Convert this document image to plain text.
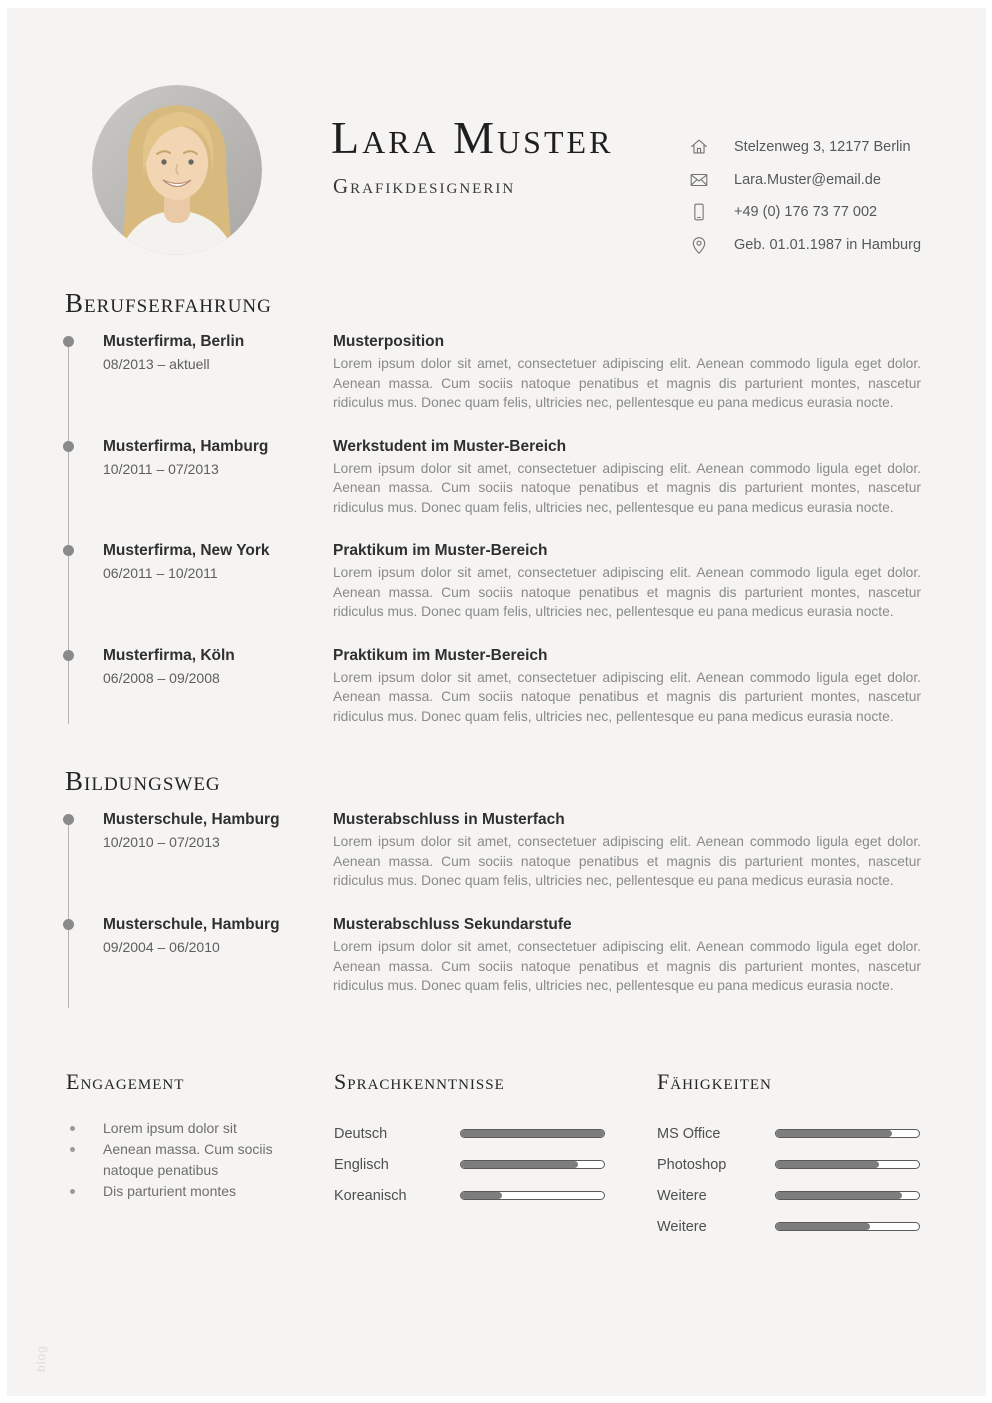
Lara Muster
Grafikdesignerin
Stelzenweg 3, 12177 Berlin
Lara.Muster@email.de
+49 (0) 176 73 77 002
Geb. 01.01.1987 in Hamburg
Berufserfahrung
Musterfirma, Berlin
08/2013 – aktuell
Musterposition
Lorem ipsum dolor sit amet, consectetuer adipiscing elit. Aenean commodo ligula eget dolor. Aenean massa. Cum sociis natoque penatibus et magnis dis parturient montes, nascetur ridiculus mus. Donec quam felis, ultricies nec, pellentesque eu pana medicus eurasia nocte.
Musterfirma, Hamburg
10/2011 – 07/2013
Werkstudent im Muster-Bereich
Lorem ipsum dolor sit amet, consectetuer adipiscing elit. Aenean commodo ligula eget dolor. Aenean massa. Cum sociis natoque penatibus et magnis dis parturient montes, nascetur ridiculus mus. Donec quam felis, ultricies nec, pellentesque eu pana medicus eurasia nocte.
Musterfirma, New York
06/2011 – 10/2011
Praktikum im Muster-Bereich
Lorem ipsum dolor sit amet, consectetuer adipiscing elit. Aenean commodo ligula eget dolor. Aenean massa. Cum sociis natoque penatibus et magnis dis parturient montes, nascetur ridiculus mus. Donec quam felis, ultricies nec, pellentesque eu pana medicus eurasia nocte.
Musterfirma, Köln
06/2008 – 09/2008
Praktikum im Muster-Bereich
Lorem ipsum dolor sit amet, consectetuer adipiscing elit. Aenean commodo ligula eget dolor. Aenean massa. Cum sociis natoque penatibus et magnis dis parturient montes, nascetur ridiculus mus. Donec quam felis, ultricies nec, pellentesque eu pana medicus eurasia nocte.
Bildungsweg
Musterschule, Hamburg
10/2010 – 07/2013
Musterabschluss in Musterfach
Lorem ipsum dolor sit amet, consectetuer adipiscing elit. Aenean commodo ligula eget dolor. Aenean massa. Cum sociis natoque penatibus et magnis dis parturient montes, nascetur ridiculus mus. Donec quam felis, ultricies nec, pellentesque eu pana medicus eurasia nocte.
Musterschule, Hamburg
09/2004 – 06/2010
Musterabschluss Sekundarstufe
Lorem ipsum dolor sit amet, consectetuer adipiscing elit. Aenean commodo ligula eget dolor. Aenean massa. Cum sociis natoque penatibus et magnis dis parturient montes, nascetur ridiculus mus. Donec quam felis, ultricies nec, pellentesque eu pana medicus eurasia nocte.
Engagement
Lorem ipsum dolor sit
Aenean massa. Cum sociis natoque penatibus
Dis parturient montes
Sprachkenntnisse
Deutsch
Englisch
Koreanisch
Fähigkeiten
MS Office
Photoshop
Weitere
Weitere
blog
